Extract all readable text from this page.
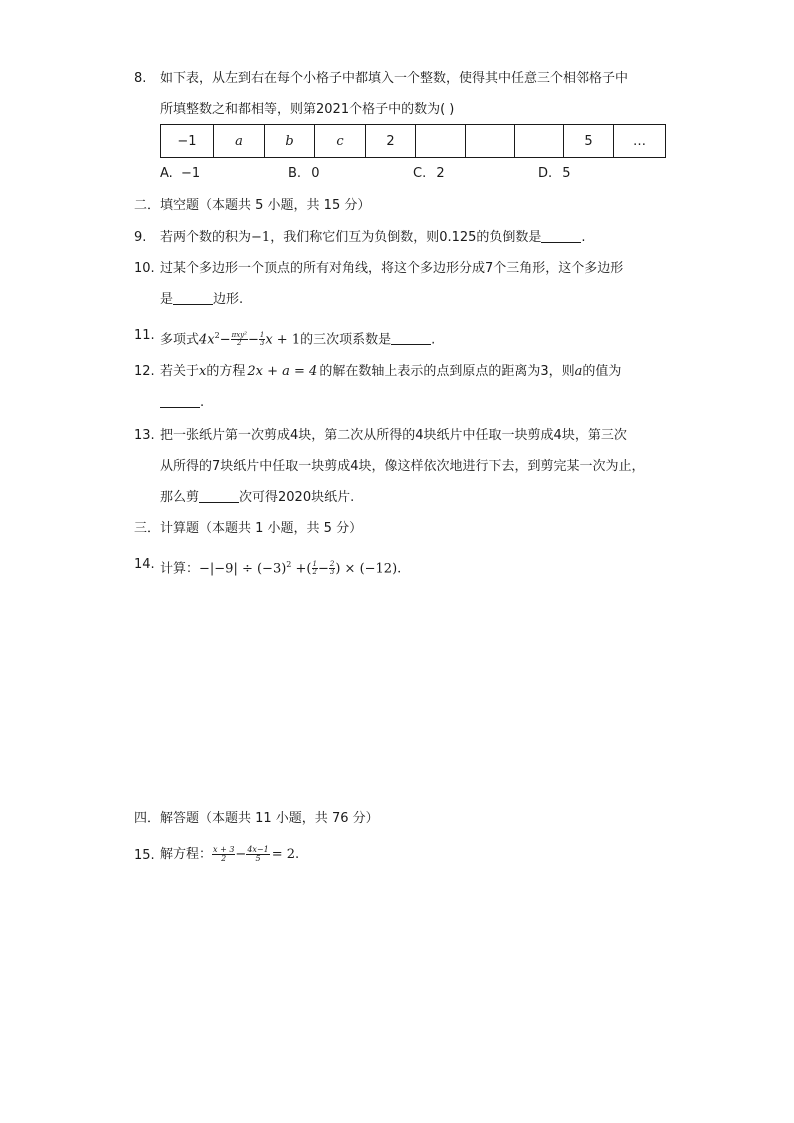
8. 如下表，从左到右在每个小格子中都填入一个整数，使得其中任意三个相邻格子中
所填整数之和都相等，则第2021个格子中的数为( )
−1	a	b	c	2				5	…
A. −1	B. 0	C. 2	D. 5
二．填空题（本题共 5 小题，共 15 分）
9. 若两个数的积为−1，我们称它们互为负倒数，则0.125的负倒数是	.
10. 过某个多边形一个顶点的所有对角线，将这个多边形分成7个三角形，这个多边形
是	边形.
11. 多项式$4x^2- \frac{\text{πxy²}}{2} - \frac{1}{3}$ x + 1的三次项系数是	.
12. 若关于x的方程 2x + a = 4 的解在数轴上表示的点到原点的距离为3，则a的值为
.
13. 把一张纸片第一次剪成4块，第二次从所得的4块纸片中任取一块剪成4块，第三次
从所得的7块纸片中任取一块剪成4块，像这样依次地进行下去，到剪完某一次为止，
那么剪	次可得2020块纸片.
三．计算题（本题共 1 小题，共 5 分）
14. 计算：$-|-9| \div (-3)^2$ +( $\frac{1}{2} - \frac{2}{3}$ ) × (−12).
四．解答题（本题共 11 小题，共 76 分）
15. 解方程： $\frac{x + 3}{2} - \frac{4x-1}{5} = 2$.
